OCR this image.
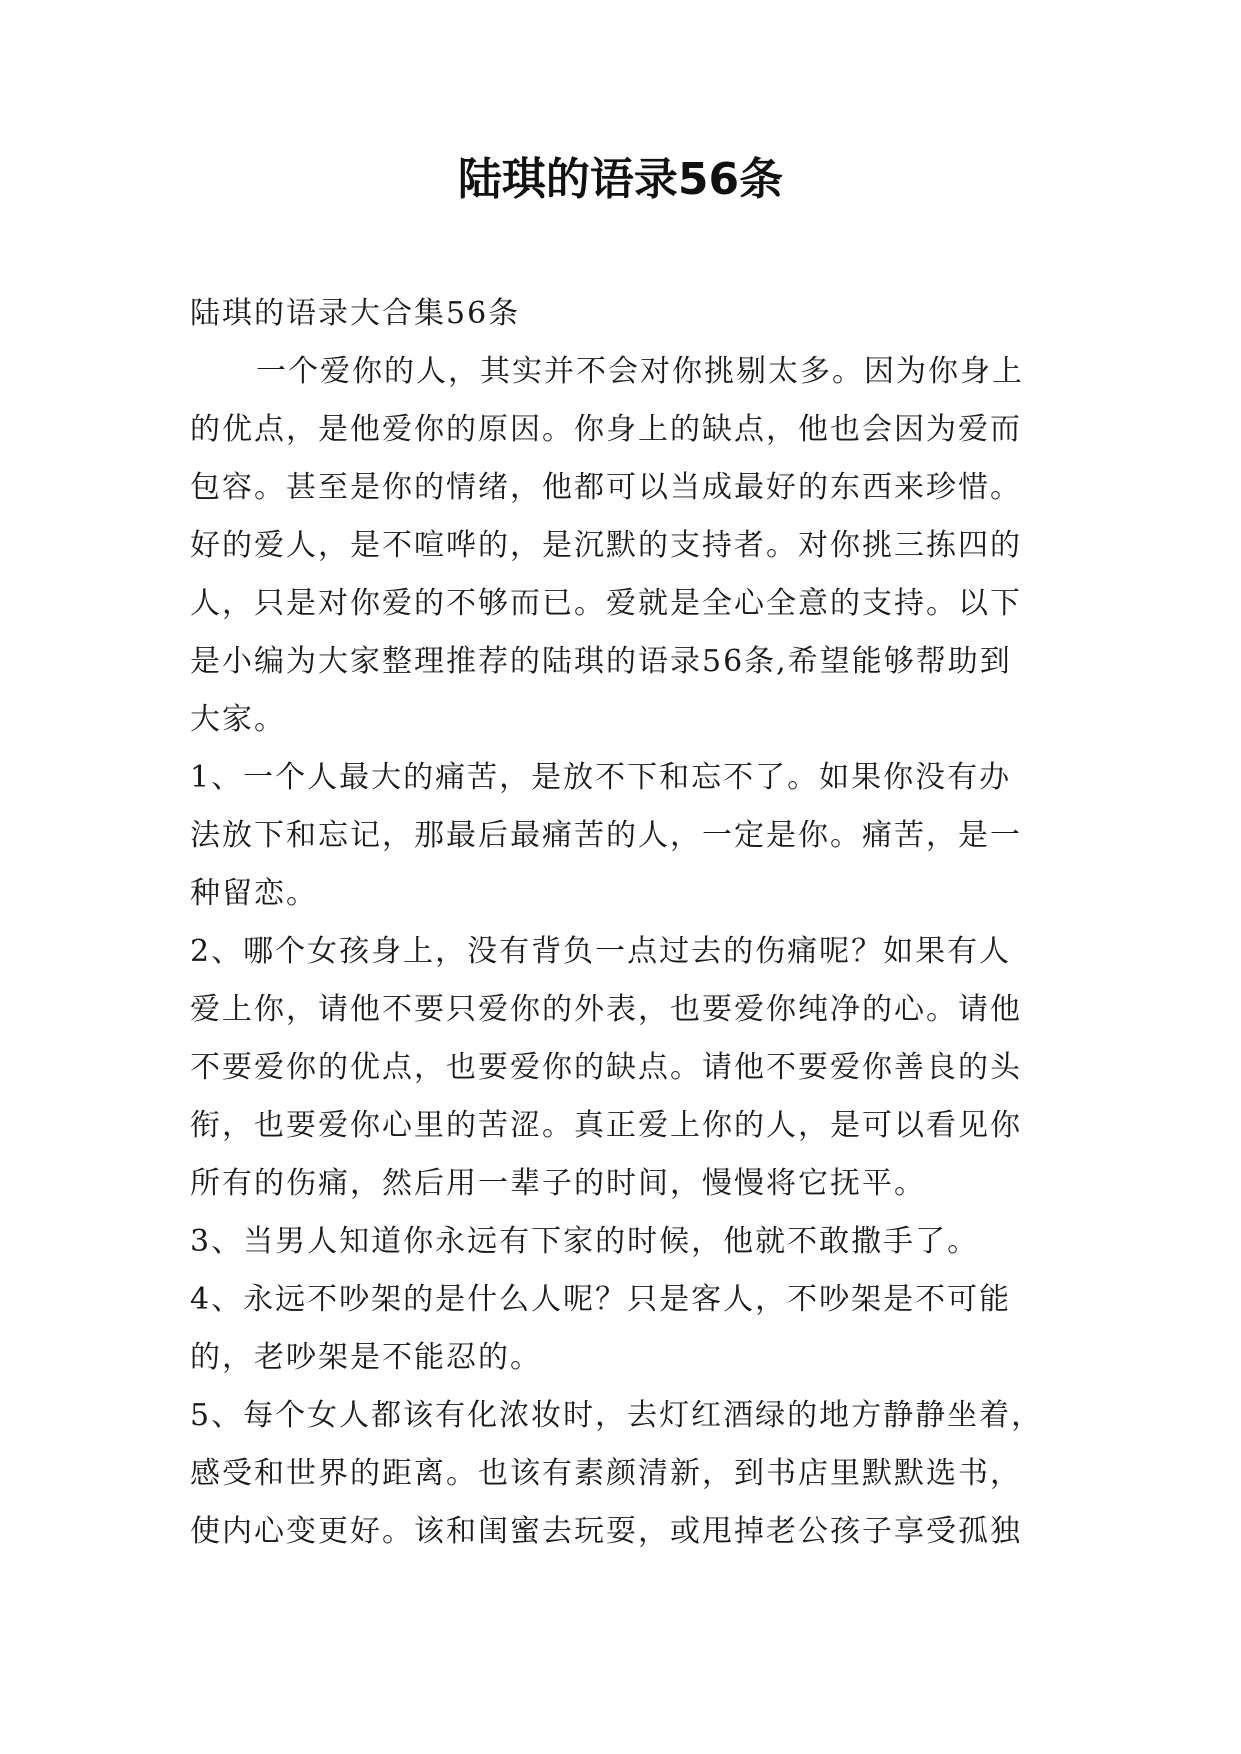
陆琪的语录56条
陆琪的语录大合集56条
一个爱你的人，其实并不会对你挑剔太多。因为你身上
的优点，是他爱你的原因。你身上的缺点，他也会因为爱而
包容。甚至是你的情绪，他都可以当成最好的东西来珍惜。
好的爱人，是不喧哗的，是沉默的支持者。对你挑三拣四的
人，只是对你爱的不够而已。爱就是全心全意的支持。以下
是小编为大家整理推荐的陆琪的语录56条,希望能够帮助到
大家。
1、一个人最大的痛苦，是放不下和忘不了。如果你没有办
法放下和忘记，那最后最痛苦的人，一定是你。痛苦，是一
种留恋。
2、哪个女孩身上，没有背负一点过去的伤痛呢？如果有人
爱上你，请他不要只爱你的外表，也要爱你纯净的心。请他
不要爱你的优点，也要爱你的缺点。请他不要爱你善良的头
衔，也要爱你心里的苦涩。真正爱上你的人，是可以看见你
所有的伤痛，然后用一辈子的时间，慢慢将它抚平。
3、当男人知道你永远有下家的时候，他就不敢撒手了。
4、永远不吵架的是什么人呢？只是客人，不吵架是不可能
的，老吵架是不能忍的。
5、每个女人都该有化浓妆时，去灯红酒绿的地方静静坐着，
感受和世界的距离。也该有素颜清新，到书店里默默选书，
使内心变更好。该和闺蜜去玩耍，或甩掉老公孩子享受孤独
